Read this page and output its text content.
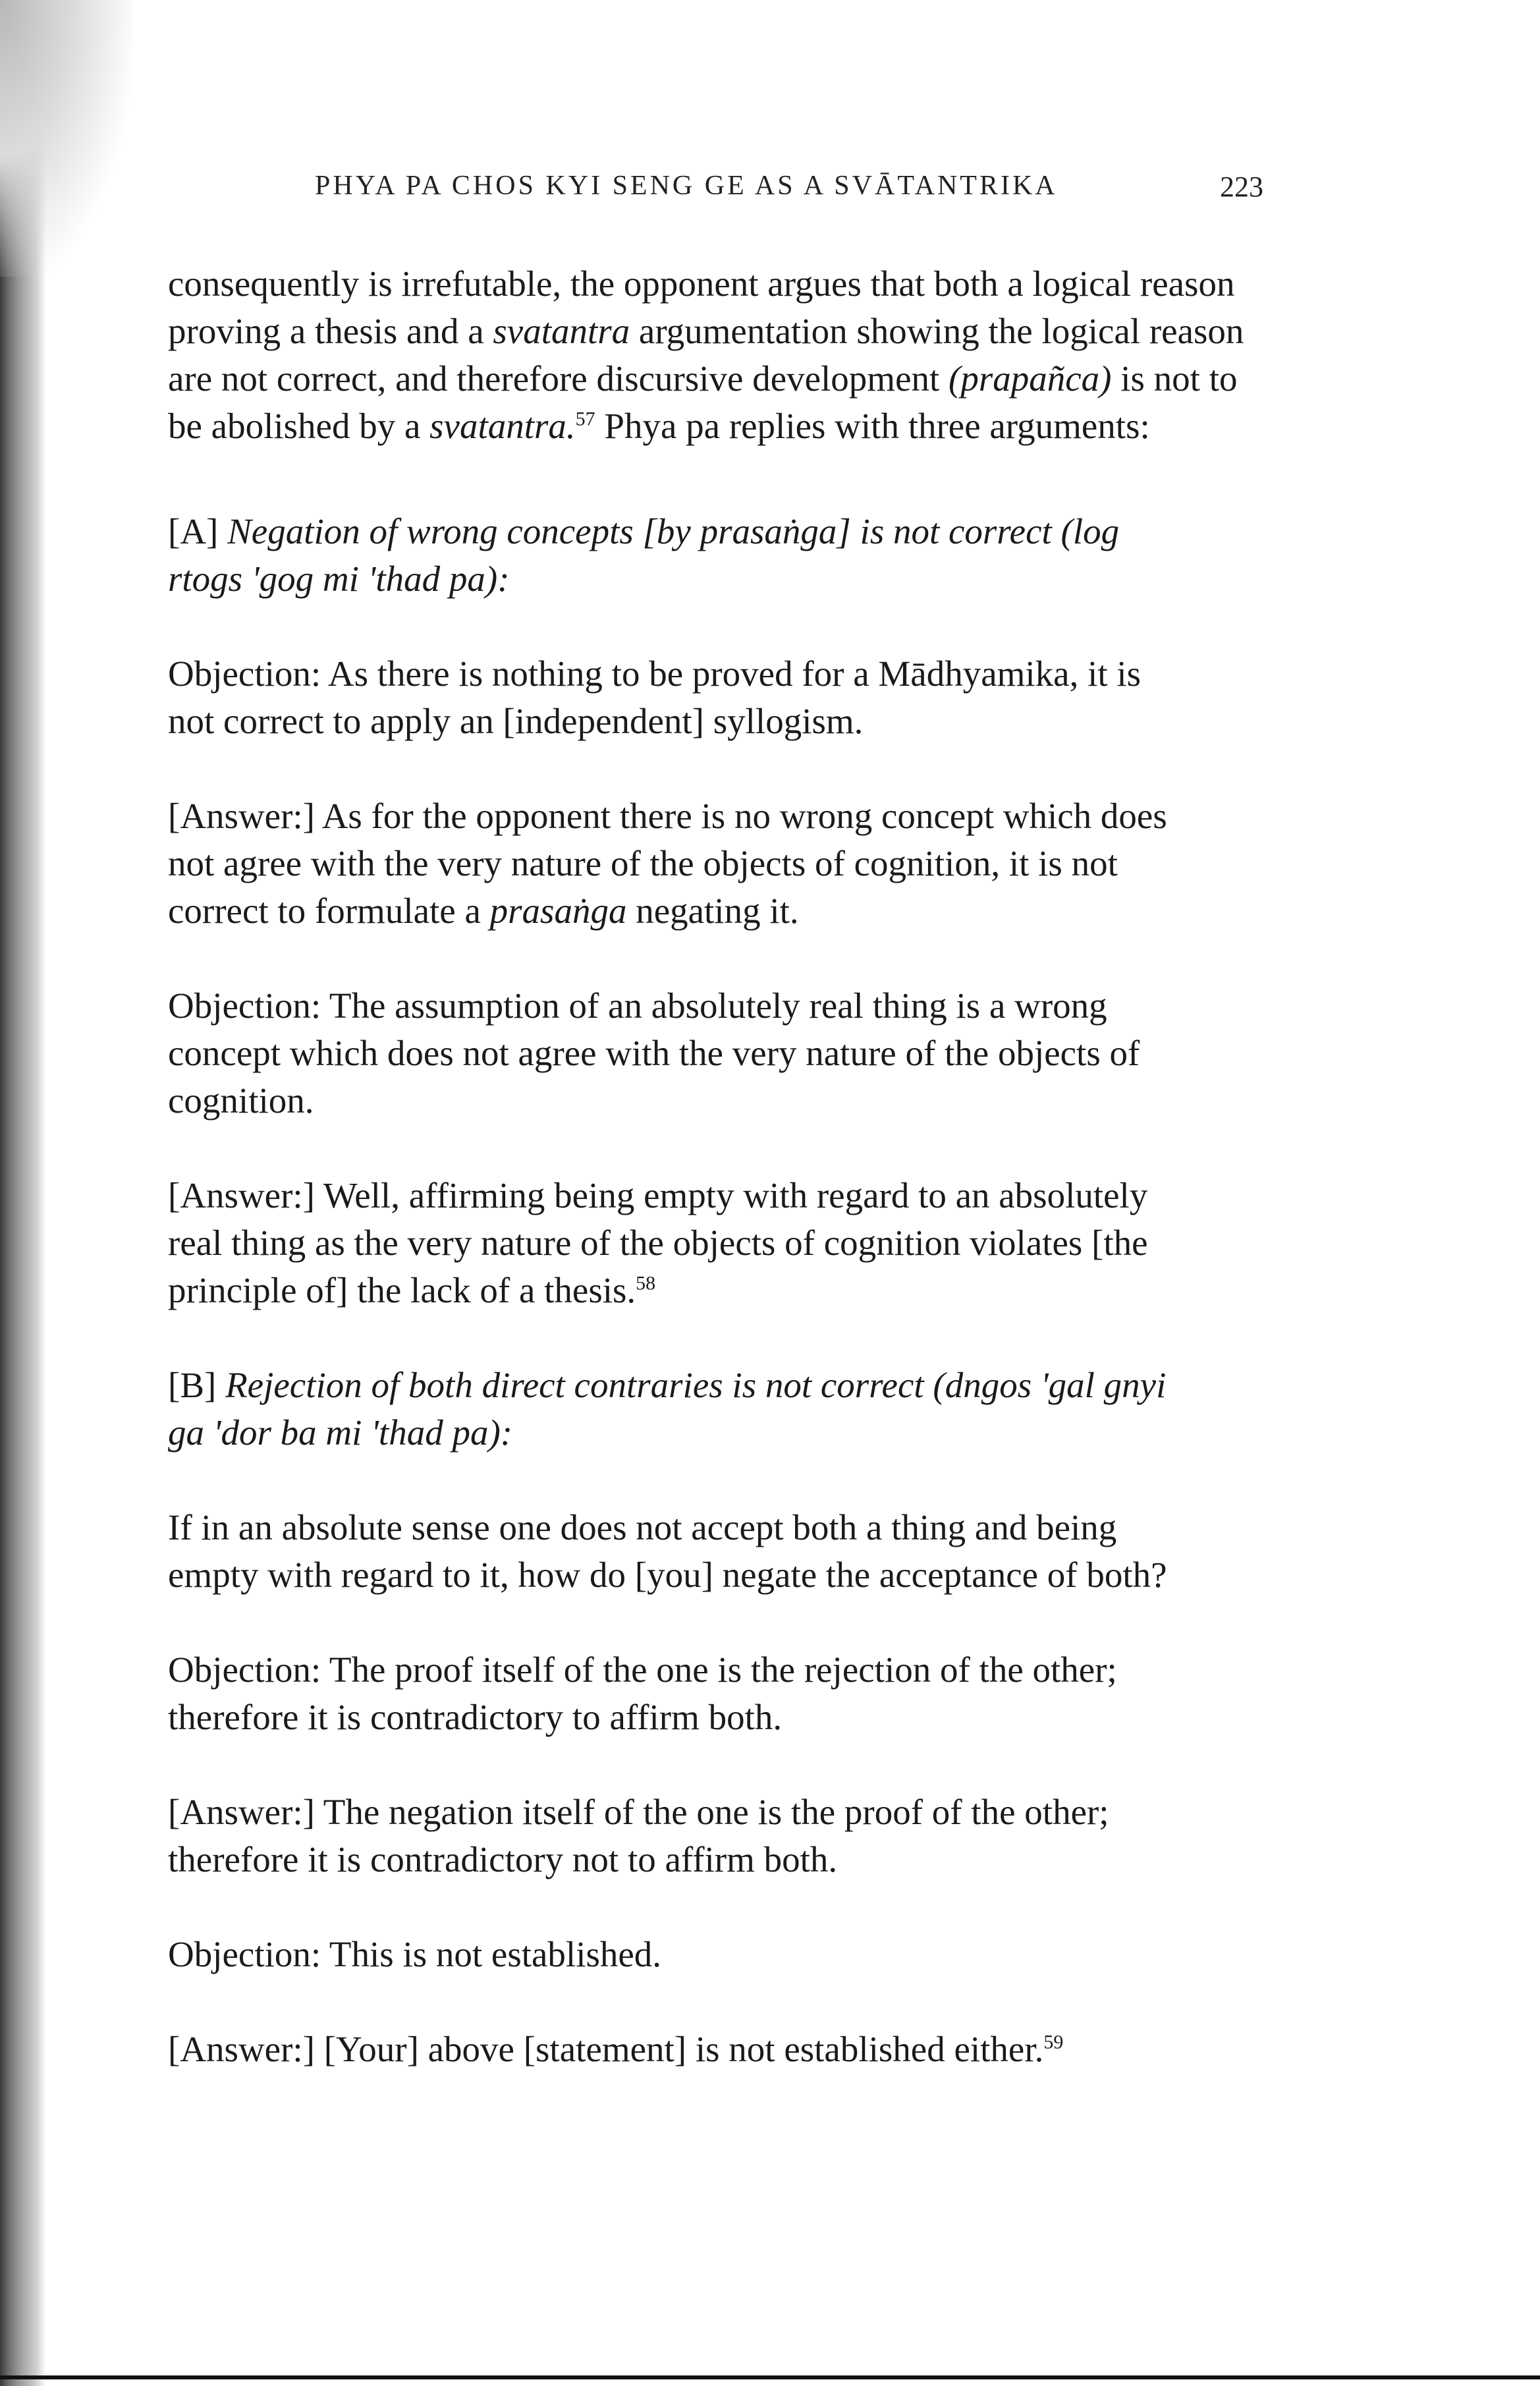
PHYA PA CHOS KYI SENG GE AS A SVĀTANTRIKA	223

consequently is irrefutable, the opponent argues that both a logical reason proving a thesis and a svatantra argumentation showing the logical reason are not correct, and therefore discursive development (prapañca) is not to be abolished by a svatantra.$^{57}$ Phya pa replies with three arguments:

[A] Negation of wrong concepts [by prasaṅga] is not correct (log rtogs 'gog mi 'thad pa):

Objection: As there is nothing to be proved for a Mādhyamika, it is not correct to apply an [independent] syllogism.

[Answer:] As for the opponent there is no wrong concept which does not agree with the very nature of the objects of cognition, it is not correct to formulate a prasaṅga negating it.

Objection: The assumption of an absolutely real thing is a wrong concept which does not agree with the very nature of the objects of cognition.

[Answer:] Well, affirming being empty with regard to an absolutely real thing as the very nature of the objects of cognition violates [the principle of] the lack of a thesis.$^{58}$

[B] Rejection of both direct contraries is not correct (dngos 'gal gnyi ga 'dor ba mi 'thad pa):

If in an absolute sense one does not accept both a thing and being empty with regard to it, how do [you] negate the acceptance of both?

Objection: The proof itself of the one is the rejection of the other; therefore it is contradictory to affirm both.

[Answer:] The negation itself of the one is the proof of the other; therefore it is contradictory not to affirm both.

Objection: This is not established.

[Answer:] [Your] above [statement] is not established either.$^{59}$
